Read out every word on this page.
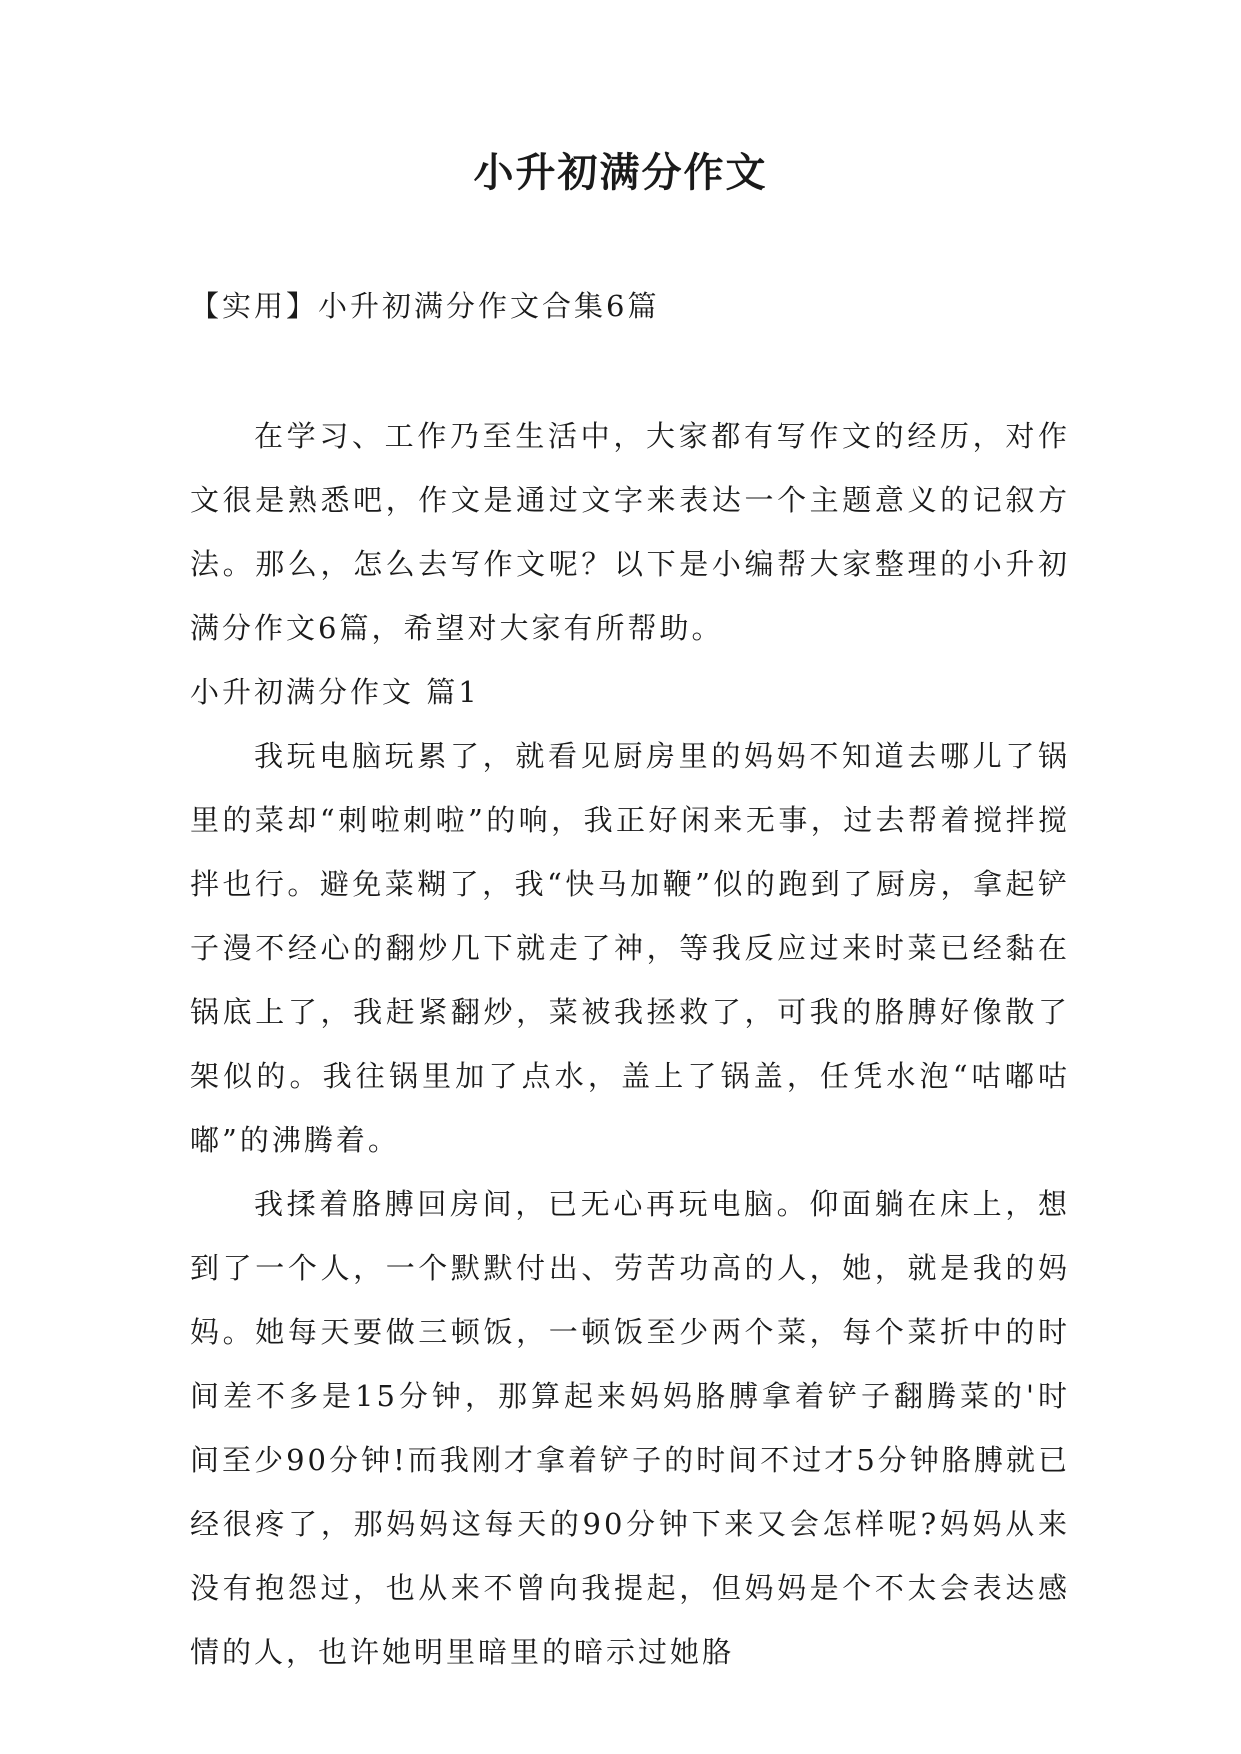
小升初满分作文

【实用】小升初满分作文合集6篇

在学习、工作乃至生活中，大家都有写作文的经历，对作文很是熟悉吧，作文是通过文字来表达一个主题意义的记叙方法。那么，怎么去写作文呢？以下是小编帮大家整理的小升初满分作文6篇，希望对大家有所帮助。

小升初满分作文 篇1

我玩电脑玩累了，就看见厨房里的妈妈不知道去哪儿了锅里的菜却“刺啦刺啦”的响，我正好闲来无事，过去帮着搅拌搅拌也行。避免菜糊了，我“快马加鞭”似的跑到了厨房，拿起铲子漫不经心的翻炒几下就走了神，等我反应过来时菜已经黏在锅底上了，我赶紧翻炒，菜被我拯救了，可我的胳膊好像散了架似的。我往锅里加了点水，盖上了锅盖，任凭水泡“咕嘟咕嘟”的沸腾着。

我揉着胳膊回房间，已无心再玩电脑。仰面躺在床上，想到了一个人，一个默默付出、劳苦功高的人，她，就是我的妈妈。她每天要做三顿饭，一顿饭至少两个菜，每个菜折中的时间差不多是15分钟，那算起来妈妈胳膊拿着铲子翻腾菜的'时间至少90分钟!而我刚才拿着铲子的时间不过才5分钟胳膊就已经很疼了，那妈妈这每天的90分钟下来又会怎样呢?妈妈从来没有抱怨过，也从来不曾向我提起，但妈妈是个不太会表达感情的人，也许她明里暗里的暗示过她胳
